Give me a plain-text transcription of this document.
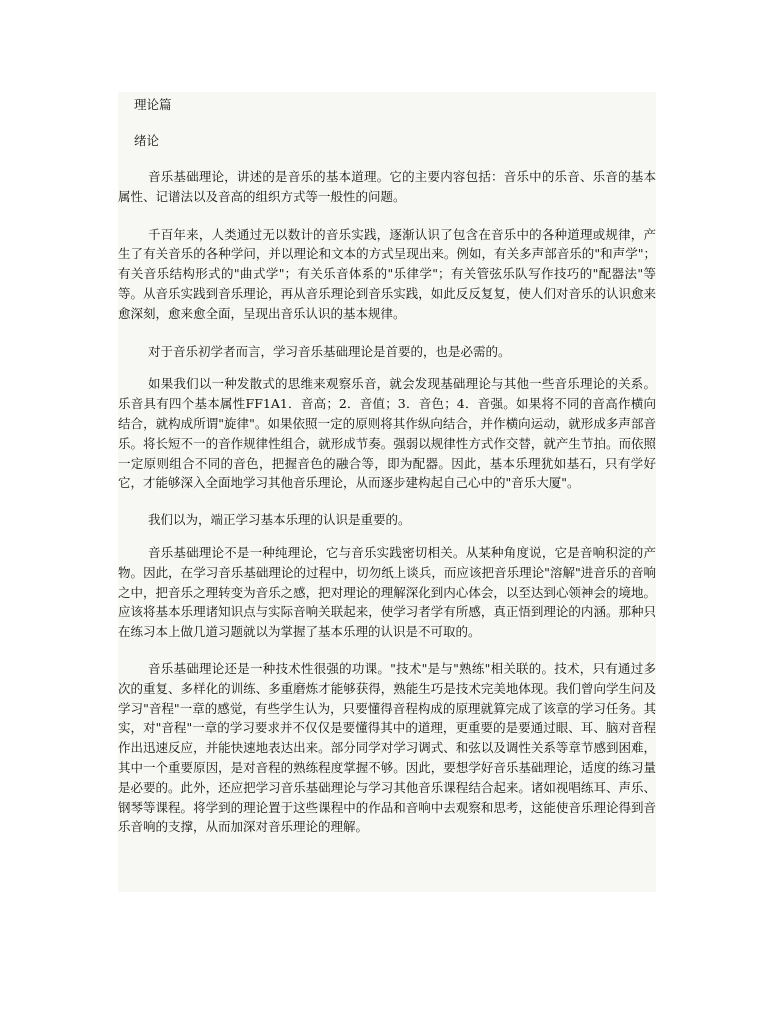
理论篇

绪论

音乐基础理论，讲述的是音乐的基本道理。它的主要内容包括：音乐中的乐音、乐音的基本属性、记谱法以及音高的组织方式等一般性的问题。

千百年来，人类通过无以数计的音乐实践，逐渐认识了包含在音乐中的各种道理或规律，产生了有关音乐的各种学问，并以理论和文本的方式呈现出来。例如，有关多声部音乐的"和声学"；有关音乐结构形式的"曲式学"；有关乐音体系的"乐律学"；有关管弦乐队写作技巧的"配器法"等等。从音乐实践到音乐理论，再从音乐理论到音乐实践，如此反反复复，使人们对音乐的认识愈来愈深刻，愈来愈全面，呈现出音乐认识的基本规律。

对于音乐初学者而言，学习音乐基础理论是首要的，也是必需的。

如果我们以一种发散式的思维来观察乐音，就会发现基础理论与其他一些音乐理论的关系。乐音具有四个基本属性FF1A1．音高；2．音值；3．音色；4．音强。如果将不同的音高作横向结合，就构成所谓"旋律"。如果依照一定的原则将其作纵向结合，并作横向运动，就形成多声部音乐。将长短不一的音作规律性组合，就形成节奏。强弱以规律性方式作交替，就产生节拍。而依照一定原则组合不同的音色，把握音色的融合等，即为配器。因此，基本乐理犹如基石，只有学好它，才能够深入全面地学习其他音乐理论，从而逐步建构起自己心中的"音乐大厦"。

我们以为，端正学习基本乐理的认识是重要的。

音乐基础理论不是一种纯理论，它与音乐实践密切相关。从某种角度说，它是音响积淀的产物。因此，在学习音乐基础理论的过程中，切勿纸上谈兵，而应该把音乐理论"溶解"进音乐的音响之中，把音乐之理转变为音乐之感，把对理论的理解深化到内心体会，以至达到心领神会的境地。应该将基本乐理诸知识点与实际音响关联起来，使学习者学有所感，真正悟到理论的内涵。那种只在练习本上做几道习题就以为掌握了基本乐理的认识是不可取的。

音乐基础理论还是一种技术性很强的功课。"技术"是与"熟练"相关联的。技术，只有通过多次的重复、多样化的训练、多重磨炼才能够获得，熟能生巧是技术完美地体现。我们曾向学生问及学习"音程"一章的感觉，有些学生认为，只要懂得音程构成的原理就算完成了该章的学习任务。其实，对"音程"一章的学习要求并不仅仅是要懂得其中的道理，更重要的是要通过眼、耳、脑对音程作出迅速反应，并能快速地表达出来。部分同学对学习调式、和弦以及调性关系等章节感到困难，其中一个重要原因，是对音程的熟练程度掌握不够。因此，要想学好音乐基础理论，适度的练习量是必要的。此外，还应把学习音乐基础理论与学习其他音乐课程结合起来。诸如视唱练耳、声乐、钢琴等课程。将学到的理论置于这些课程中的作品和音响中去观察和思考，这能使音乐理论得到音乐音响的支撑，从而加深对音乐理论的理解。
